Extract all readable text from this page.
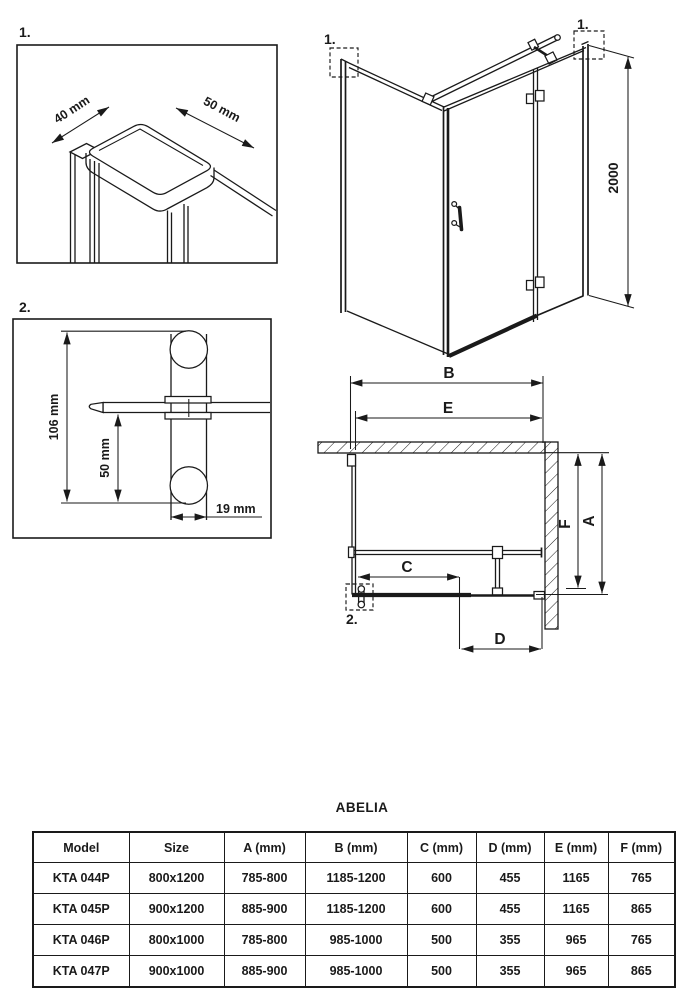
1.
40 mm	50 mm
2.
106 mm
50 mm
19 mm
1.
1.
2000
B
E
2.
C
D
F A
ABELIA
Model	Size	A (mm)	B (mm)	C (mm)	D (mm)	E (mm)	F (mm)
KTA 044P	800x1200	785-800	1185-1200	600	455	1165	765
KTA 045P	900x1200	885-900	1185-1200	600	455	1165	865
KTA 046P	800x1000	785-800	985-1000	500	355	965	765
KTA 047P	900x1000	885-900	985-1000	500	355	965	865
